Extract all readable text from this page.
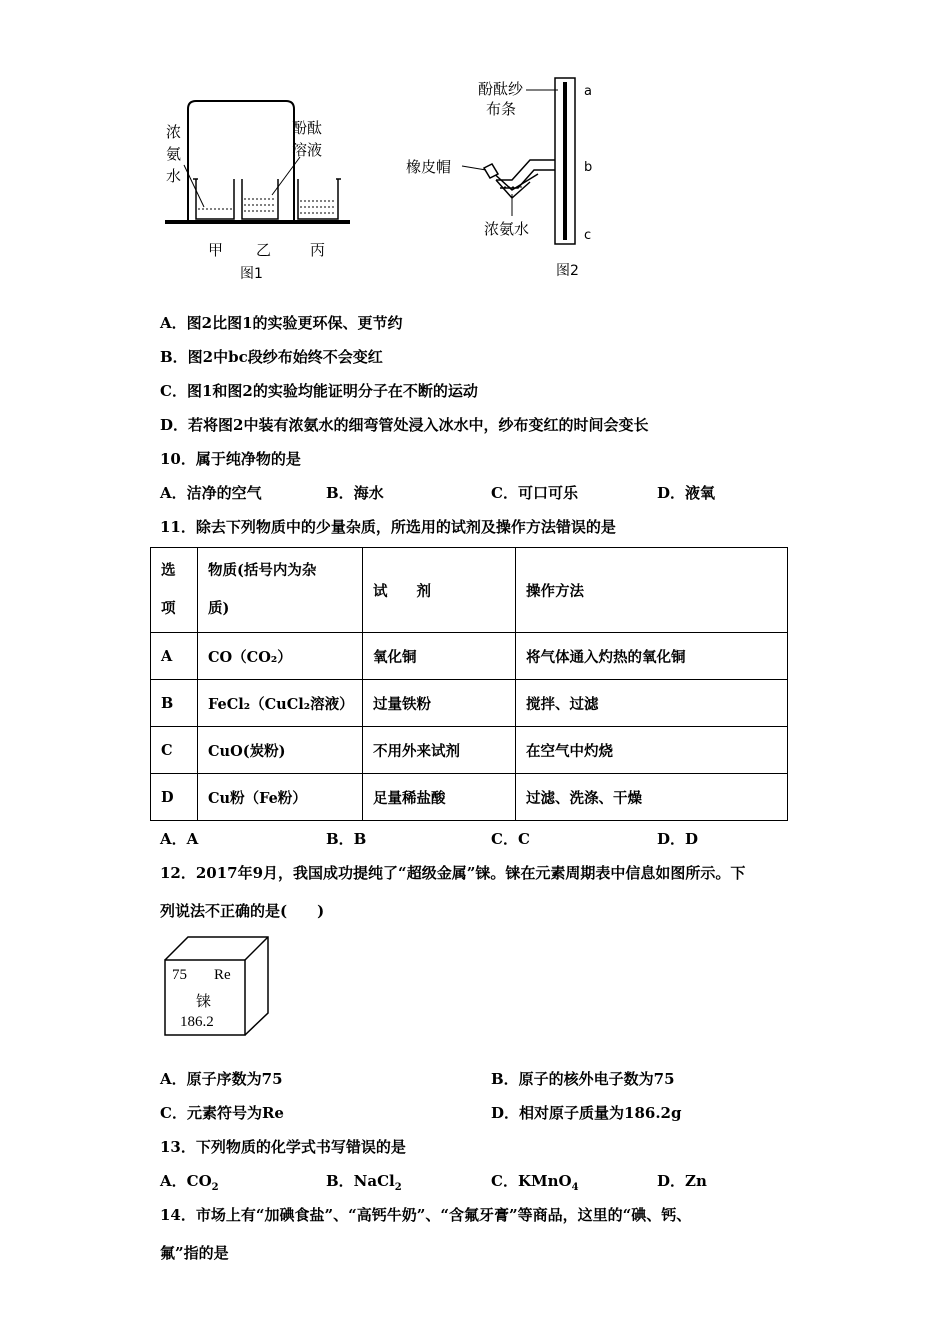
浓
氨
水
酚酞
溶液
甲 乙	丙
图1
酚酞纱
布条
橡皮帽
浓氨水
a
b
c
图2
A．图2比图1的实验更环保、更节约
B．图2中bc段纱布始终不会变红
C．图1和图2的实验均能证明分子在不断的运动
D．若将图2中装有浓氨水的细弯管处浸入冰水中，纱布变红的时间会变长
10．属于纯净物的是
A．洁净的空气	B．海水	C．可口可乐	D．液氧
11．除去下列物质中的少量杂质，所选用的试剂及操作方法错误的是
选
项	物质(括号内为杂
质)	试　　剂	操作方法
A	CO（CO₂）	氧化铜	将气体通入灼热的氧化铜
B	FeCl₂（CuCl₂溶液）	过量铁粉	搅拌、过滤
C	CuO(炭粉)	不用外来试剂	在空气中灼烧
D	Cu粉（Fe粉）	足量稀盐酸	过滤、洗涤、干燥
A．A	B．B	C．C	D．D
12．2017年9月，我国成功提纯了“超级金属”铼。铼在元素周期表中信息如图所示。下
列说法不正确的是(　　)
75 Re
铼
186.2
A．原子序数为75	B．原子的核外电子数为75
C．元素符号为Re	D．相对原子质量为186.2g
13．下列物质的化学式书写错误的是
A．$CO_2$	B．NaCl$_2$	C．KMnO$_4$	D．Zn
14．市场上有“加碘食盐”、“高钙牛奶”、“含氟牙膏”等商品，这里的“碘、钙、
氟”指的是
